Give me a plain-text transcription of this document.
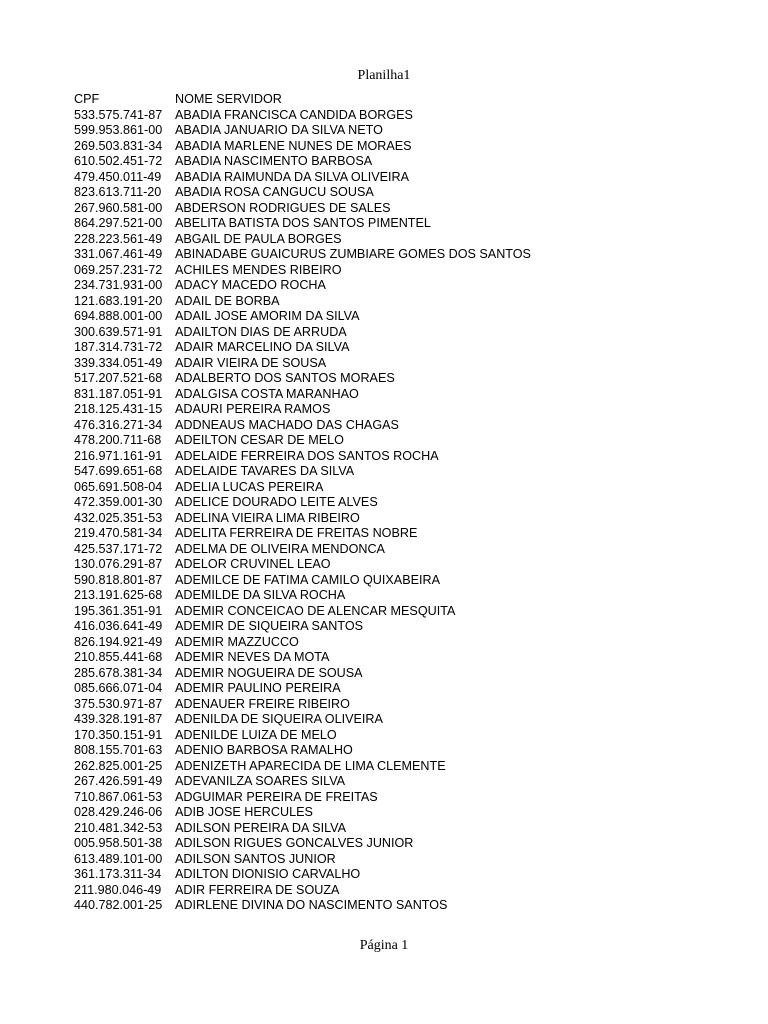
Planilha1
CPF	NOME SERVIDOR
533.575.741-87	ABADIA FRANCISCA CANDIDA BORGES
599.953.861-00	ABADIA JANUARIO DA SILVA NETO
269.503.831-34	ABADIA MARLENE NUNES DE MORAES
610.502.451-72	ABADIA NASCIMENTO BARBOSA
479.450.011-49	ABADIA RAIMUNDA DA SILVA OLIVEIRA
823.613.711-20	ABADIA ROSA CANGUCU SOUSA
267.960.581-00	ABDERSON RODRIGUES DE SALES
864.297.521-00	ABELITA BATISTA DOS SANTOS PIMENTEL
228.223.561-49	ABGAIL DE PAULA BORGES
331.067.461-49	ABINADABE GUAICURUS ZUMBIARE GOMES DOS SANTOS
069.257.231-72	ACHILES MENDES RIBEIRO
234.731.931-00	ADACY MACEDO ROCHA
121.683.191-20	ADAIL DE BORBA
694.888.001-00	ADAIL JOSE AMORIM DA SILVA
300.639.571-91	ADAILTON DIAS DE ARRUDA
187.314.731-72	ADAIR MARCELINO DA SILVA
339.334.051-49	ADAIR VIEIRA DE SOUSA
517.207.521-68	ADALBERTO DOS SANTOS MORAES
831.187.051-91	ADALGISA COSTA MARANHAO
218.125.431-15	ADAURI PEREIRA RAMOS
476.316.271-34	ADDNEAUS MACHADO DAS CHAGAS
478.200.711-68	ADEILTON CESAR DE MELO
216.971.161-91	ADELAIDE FERREIRA DOS SANTOS ROCHA
547.699.651-68	ADELAIDE TAVARES DA SILVA
065.691.508-04	ADELIA LUCAS PEREIRA
472.359.001-30	ADELICE DOURADO LEITE ALVES
432.025.351-53	ADELINA VIEIRA LIMA RIBEIRO
219.470.581-34	ADELITA FERREIRA DE FREITAS NOBRE
425.537.171-72	ADELMA DE OLIVEIRA MENDONCA
130.076.291-87	ADELOR CRUVINEL LEAO
590.818.801-87	ADEMILCE DE FATIMA CAMILO QUIXABEIRA
213.191.625-68	ADEMILDE DA SILVA ROCHA
195.361.351-91	ADEMIR CONCEICAO DE ALENCAR MESQUITA
416.036.641-49	ADEMIR DE SIQUEIRA SANTOS
826.194.921-49	ADEMIR MAZZUCCO
210.855.441-68	ADEMIR NEVES DA MOTA
285.678.381-34	ADEMIR NOGUEIRA DE SOUSA
085.666.071-04	ADEMIR PAULINO PEREIRA
375.530.971-87	ADENAUER FREIRE RIBEIRO
439.328.191-87	ADENILDA DE SIQUEIRA OLIVEIRA
170.350.151-91	ADENILDE LUIZA DE MELO
808.155.701-63	ADENIO BARBOSA RAMALHO
262.825.001-25	ADENIZETH APARECIDA DE LIMA CLEMENTE
267.426.591-49	ADEVANILZA SOARES SILVA
710.867.061-53	ADGUIMAR PEREIRA DE FREITAS
028.429.246-06	ADIB JOSE HERCULES
210.481.342-53	ADILSON PEREIRA DA SILVA
005.958.501-38	ADILSON RIGUES GONCALVES JUNIOR
613.489.101-00	ADILSON SANTOS JUNIOR
361.173.311-34	ADILTON DIONISIO CARVALHO
211.980.046-49	ADIR FERREIRA DE SOUZA
440.782.001-25	ADIRLENE DIVINA DO NASCIMENTO SANTOS
Página 1
